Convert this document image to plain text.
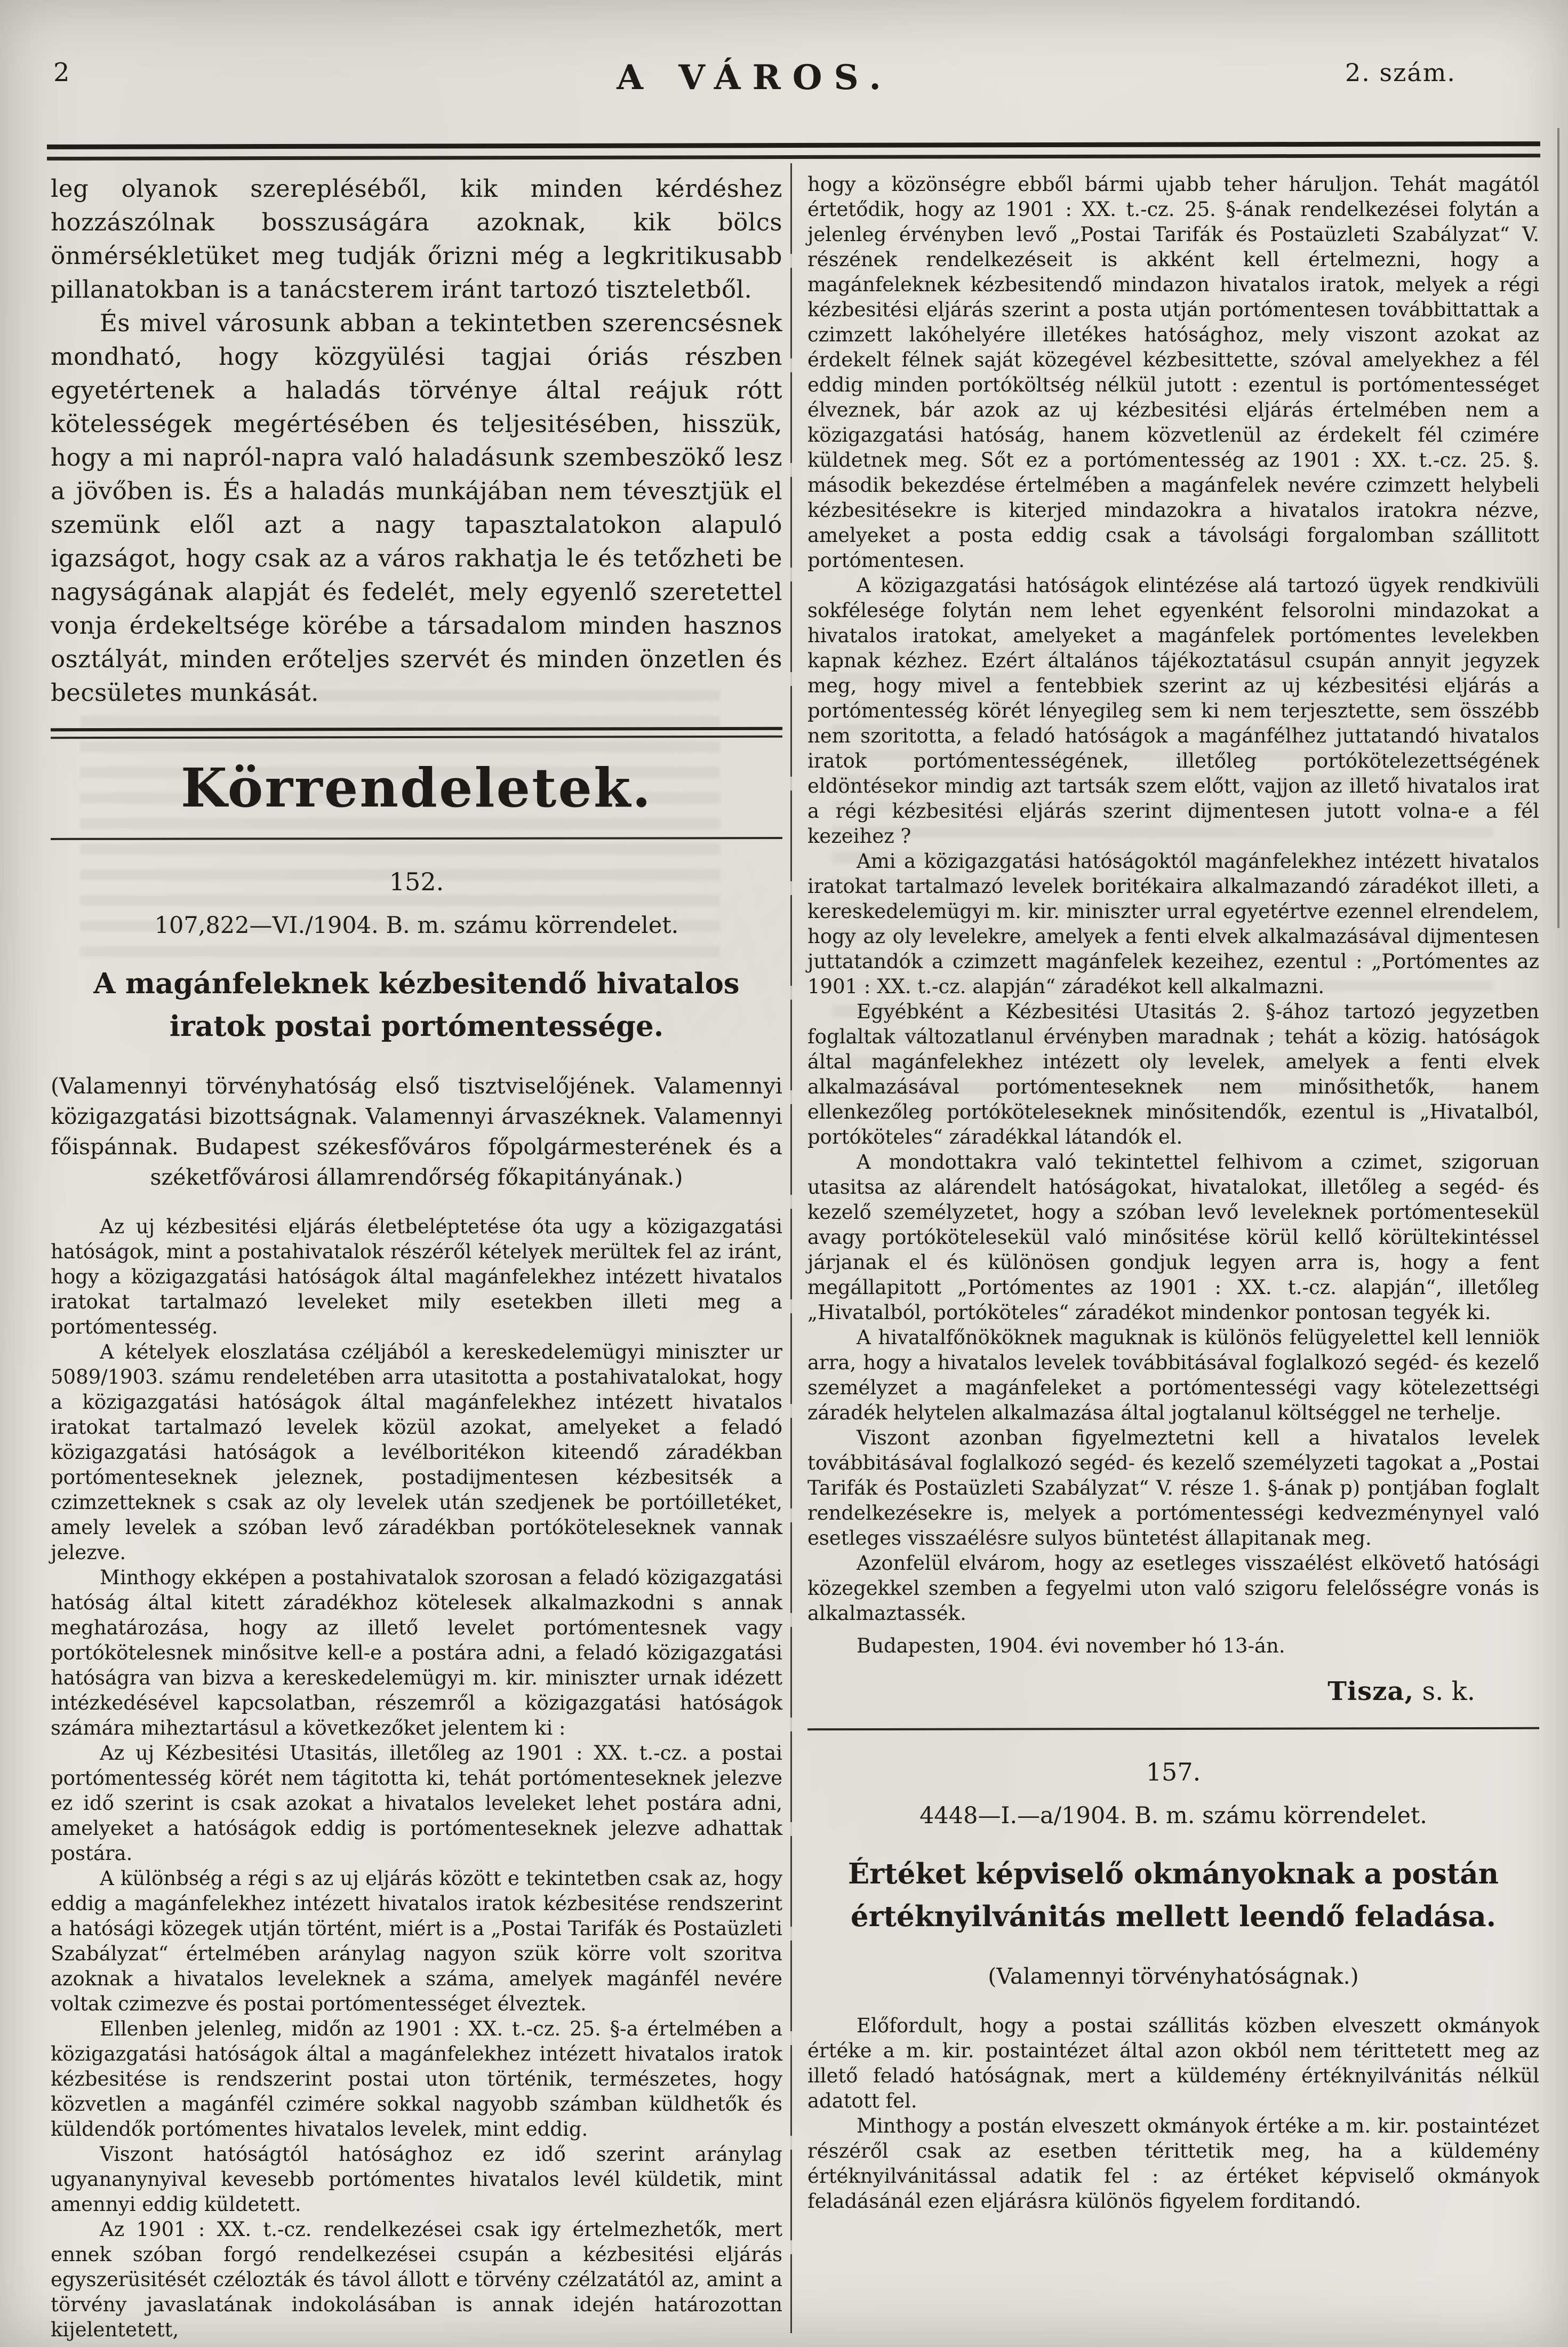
2	A VÁROS.	2. szám.

leg olyanok szerepléséből, kik minden kérdéshez hozzászólnak bosszuságára azoknak, kik bölcs önmérsékletüket meg tudják őrizni még a legkritikusabb pillanatokban is a tanácsterem iránt tartozó tiszteletből.

És mivel városunk abban a tekintetben szerencsésnek mondható, hogy közgyülési tagjai óriás részben egyetértenek a haladás törvénye által reájuk rótt kötelességek megértésében és teljesitésében, hisszük, hogy a mi napról-napra való haladásunk szembeszökő lesz a jövőben is. És a haladás munkájában nem tévesztjük el szemünk elől azt a nagy tapasztalatokon alapuló igazságot, hogy csak az a város rakhatja le és tetőzheti be nagyságának alapját és fedelét, mely egyenlő szeretettel vonja érdekeltsége körébe a társadalom minden hasznos osztályát, minden erőteljes szervét és minden önzetlen és becsületes munkását.

Körrendeletek.

152.

107,822—VI./1904. B. m. számu körrendelet.

A magánfeleknek kézbesitendő hivatalos iratok postai portómentessége.

(Valamennyi törvényhatóság első tisztviselőjének. Valamennyi közigazgatási bizottságnak. Valamennyi árvaszéknek. Valamennyi főispánnak. Budapest székesfőváros főpolgármesterének és a széketfővárosi államrendőrség főkapitányának.)

Az uj kézbesitési eljárás életbeléptetése óta ugy a közigazgatási hatóságok, mint a postahivatalok részéről kételyek merültek fel az iránt, hogy a közigazgatási hatóságok által magánfelekhez intézett hivatalos iratokat tartalmazó leveleket mily esetekben illeti meg a portómentesség.

A kételyek eloszlatása czéljából a kereskedelemügyi miniszter ur 5089/1903. számu rendeletében arra utasitotta a postahivatalokat, hogy a közigazgatási hatóságok által magánfelekhez intézett hivatalos iratokat tartalmazó levelek közül azokat, amelyeket a feladó közigazgatási hatóságok a levélboritékon kiteendő záradékban portómenteseknek jeleznek, postadijmentesen kézbesitsék a czimzetteknek s csak az oly levelek után szedjenek be portóilletéket, amely levelek a szóban levő záradékban portóköteleseknek vannak jelezve.

Minthogy ekképen a postahivatalok szorosan a feladó közigazgatási hatóság által kitett záradékhoz kötelesek alkalmazkodni s annak meghatározása, hogy az illető levelet portómentesnek vagy portókötelesnek minősitve kell-e a postára adni, a feladó közigazgatási hatóságra van bizva a kereskedelemügyi m. kir. miniszter urnak idézett intézkedésével kapcsolatban, részemről a közigazgatási hatóságok számára miheztartásul a következőket jelentem ki :

Az uj Kézbesitési Utasitás, illetőleg az 1901 : XX. t.-cz. a postai portómentesség körét nem tágitotta ki, tehát portómenteseknek jelezve ez idő szerint is csak azokat a hivatalos leveleket lehet postára adni, amelyeket a hatóságok eddig is portómenteseknek jelezve adhattak postára.

A különbség a régi s az uj eljárás között e tekintetben csak az, hogy eddig a magánfelekhez intézett hivatalos iratok kézbesitése rendszerint a hatósági közegek utján történt, miért is a „Postai Tarifák és Postaüzleti Szabályzat“ értelmében aránylag nagyon szük körre volt szoritva azoknak a hivatalos leveleknek a száma, amelyek magánfél nevére voltak czimezve és postai portómentességet élveztek.

Ellenben jelenleg, midőn az 1901 : XX. t.-cz. 25. §-a értelmében a közigazgatási hatóságok által a magánfelekhez intézett hivatalos iratok kézbesitése is rendszerint postai uton történik, természetes, hogy közvetlen a magánfél czimére sokkal nagyobb számban küldhetők és küldendők portómentes hivatalos levelek, mint eddig.

Viszont hatóságtól hatósághoz ez idő szerint aránylag ugyananynyival kevesebb portómentes hivatalos levél küldetik, mint amennyi eddig küldetett.

Az 1901 : XX. t.-cz. rendelkezései csak igy értelmezhetők, mert ennek szóban forgó rendelkezései csupán a kézbesitési eljárás egyszerüsitését czélozták és távol állott e törvény czélzatától az, amint a törvény javaslatának indokolásában is annak idején határozottan kijelentetett,

hogy a közönségre ebből bármi ujabb teher háruljon. Tehát magától értetődik, hogy az 1901 : XX. t.-cz. 25. §-ának rendelkezései folytán a jelenleg érvényben levő „Postai Tarifák és Postaüzleti Szabályzat“ V. részének rendelkezéseit is akként kell értelmezni, hogy a magánfeleknek kézbesitendő mindazon hivatalos iratok, melyek a régi kézbesitési eljárás szerint a posta utján portómentesen továbbittattak a czimzett lakóhelyére illetékes hatósághoz, mely viszont azokat az érdekelt félnek saját közegével kézbesittette, szóval amelyekhez a fél eddig minden portóköltség nélkül jutott : ezentul is portómentességet élveznek, bár azok az uj kézbesitési eljárás értelmében nem a közigazgatási hatóság, hanem közvetlenül az érdekelt fél czimére küldetnek meg. Sőt ez a portómentesség az 1901 : XX. t.-cz. 25. §. második bekezdése értelmében a magánfelek nevére czimzett helybeli kézbesitésekre is kiterjed mindazokra a hivatalos iratokra nézve, amelyeket a posta eddig csak a távolsági forgalomban szállitott portómentesen.

A közigazgatási hatóságok elintézése alá tartozó ügyek rendkivüli sokfélesége folytán nem lehet egyenként felsorolni mindazokat a hivatalos iratokat, amelyeket a magánfelek portómentes levelekben kapnak kézhez. Ezért általános tájékoztatásul csupán annyit jegyzek meg, hogy mivel a fentebbiek szerint az uj kézbesitési eljárás a portómentesség körét lényegileg sem ki nem terjesztette, sem összébb nem szoritotta, a feladó hatóságok a magánfélhez juttatandó hivatalos iratok portómentességének, illetőleg portókötelezettségének eldöntésekor mindig azt tartsák szem előtt, vajjon az illető hivatalos irat a régi kézbesitési eljárás szerint dijmentesen jutott volna-e a fél kezeihez ?

Ami a közigazgatási hatóságoktól magánfelekhez intézett hivatalos iratokat tartalmazó levelek boritékaira alkalmazandó záradékot illeti, a kereskedelemügyi m. kir. miniszter urral egyetértve ezennel elrendelem, hogy az oly levelekre, amelyek a fenti elvek alkalmazásával dijmentesen juttatandók a czimzett magánfelek kezeihez, ezentul : „Portómentes az 1901 : XX. t.-cz. alapján“ záradékot kell alkalmazni.

Egyébként a Kézbesitési Utasitás 2. §-ához tartozó jegyzetben foglaltak változatlanul érvényben maradnak ; tehát a közig. hatóságok által magánfelekhez intézett oly levelek, amelyek a fenti elvek alkalmazásával portómenteseknek nem minősithetők, hanem ellenkezőleg portóköteleseknek minősitendők, ezentul is „Hivatalból, portóköteles“ záradékkal látandók el.

A mondottakra való tekintettel felhivom a czimet, szigoruan utasitsa az alárendelt hatóságokat, hivatalokat, illetőleg a segéd- és kezelő személyzetet, hogy a szóban levő leveleknek portómentesekül avagy portókötelesekül való minősitése körül kellő körültekintéssel járjanak el és különösen gondjuk legyen arra is, hogy a fent megállapitott „Portómentes az 1901 : XX. t.-cz. alapján“, illetőleg „Hivatalból, portóköteles“ záradékot mindenkor pontosan tegyék ki.

A hivatalfőnököknek maguknak is különös felügyelettel kell lenniök arra, hogy a hivatalos levelek továbbitásával foglalkozó segéd- és kezelő személyzet a magánfeleket a portómentességi vagy kötelezettségi záradék helytelen alkalmazása által jogtalanul költséggel ne terhelje.

Viszont azonban figyelmeztetni kell a hivatalos levelek továbbitásával foglalkozó segéd- és kezelő személyzeti tagokat a „Postai Tarifák és Postaüzleti Szabályzat“ V. része 1. §-ának p) pontjában foglalt rendelkezésekre is, melyek a portómentességi kedvezménynyel való esetleges visszaélésre sulyos büntetést állapitanak meg.

Azonfelül elvárom, hogy az esetleges visszaélést elkövető hatósági közegekkel szemben a fegyelmi uton való szigoru felelősségre vonás is alkalmaztassék.

Budapesten, 1904. évi november hó 13-án.

Tisza, s. k.

157.

4448—I.—a/1904. B. m. számu körrendelet.

Értéket képviselő okmányoknak a postán értéknyilvánitás mellett leendő feladása.

(Valamennyi törvényhatóságnak.)

Előfordult, hogy a postai szállitás közben elveszett okmányok értéke a m. kir. postaintézet által azon okból nem térittetett meg az illető feladó hatóságnak, mert a küldemény értéknyilvánitás nélkül adatott fel.

Minthogy a postán elveszett okmányok értéke a m. kir. postaintézet részéről csak az esetben térittetik meg, ha a küldemény értéknyilvánitással adatik fel : az értéket képviselő okmányok feladásánál ezen eljárásra különös figyelem forditandó.
